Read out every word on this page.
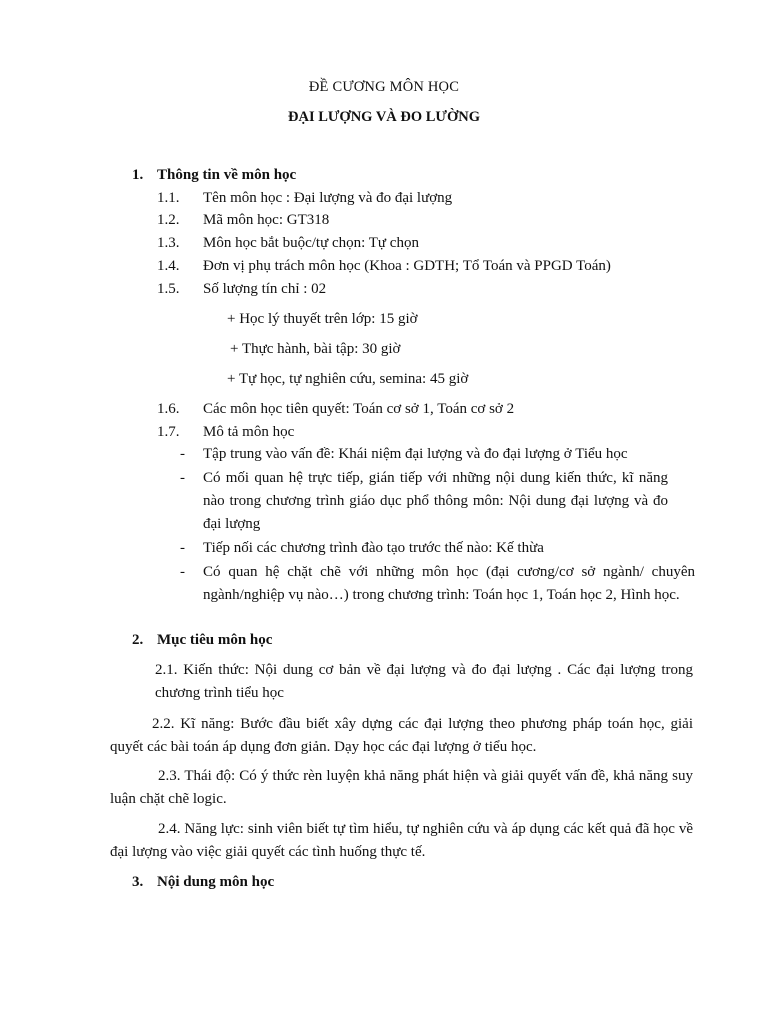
ĐỀ CƯƠNG MÔN HỌC
ĐẠI LƯỢNG VÀ ĐO LƯỜNG
1. Thông tin về môn học
1.1. Tên môn học : Đại lượng và đo đại lượng
1.2. Mã môn học: GT318
1.3. Môn học bắt buộc/tự chọn: Tự chọn
1.4. Đơn vị phụ trách môn học (Khoa : GDTH; Tổ Toán và PPGD Toán)
1.5. Số lượng tín chỉ : 02
+ Học lý thuyết trên lớp: 15 giờ
+ Thực hành, bài tập: 30 giờ
+ Tự học, tự nghiên cứu, semina: 45 giờ
1.6. Các môn học tiên quyết: Toán cơ sở 1, Toán cơ sở 2
1.7. Mô tả môn học
- Tập trung vào vấn đề: Khái niệm đại lượng và đo đại lượng ở Tiểu học
- Có mối quan hệ trực tiếp, gián tiếp với những nội dung kiến thức, kĩ năng nào trong chương trình giáo dục phổ thông môn: Nội dung đại lượng và đo đại lượng
- Tiếp nối các chương trình đào tạo trước thế nào: Kế thừa
- Có quan hệ chặt chẽ với những môn học (đại cương/cơ sở ngành/ chuyên ngành/nghiệp vụ nào…) trong chương trình: Toán học 1, Toán học 2, Hình học.
2. Mục tiêu môn học
2.1. Kiến thức: Nội dung cơ bản về đại lượng và đo đại lượng . Các đại lượng trong chương trình tiểu học
2.2. Kĩ năng: Bước đầu biết xây dựng các đại lượng theo phương pháp toán học, giải quyết các bài toán áp dụng đơn giản. Dạy học các đại lượng ở tiểu học.
2.3. Thái độ: Có ý thức rèn luyện khả năng phát hiện và giải quyết vấn đề, khả năng suy luận chặt chẽ logic.
2.4. Năng lực: sinh viên biết tự tìm hiểu, tự nghiên cứu và áp dụng các kết quả đã học về đại lượng vào việc giải quyết các tình huống thực tế.
3. Nội dung môn học
